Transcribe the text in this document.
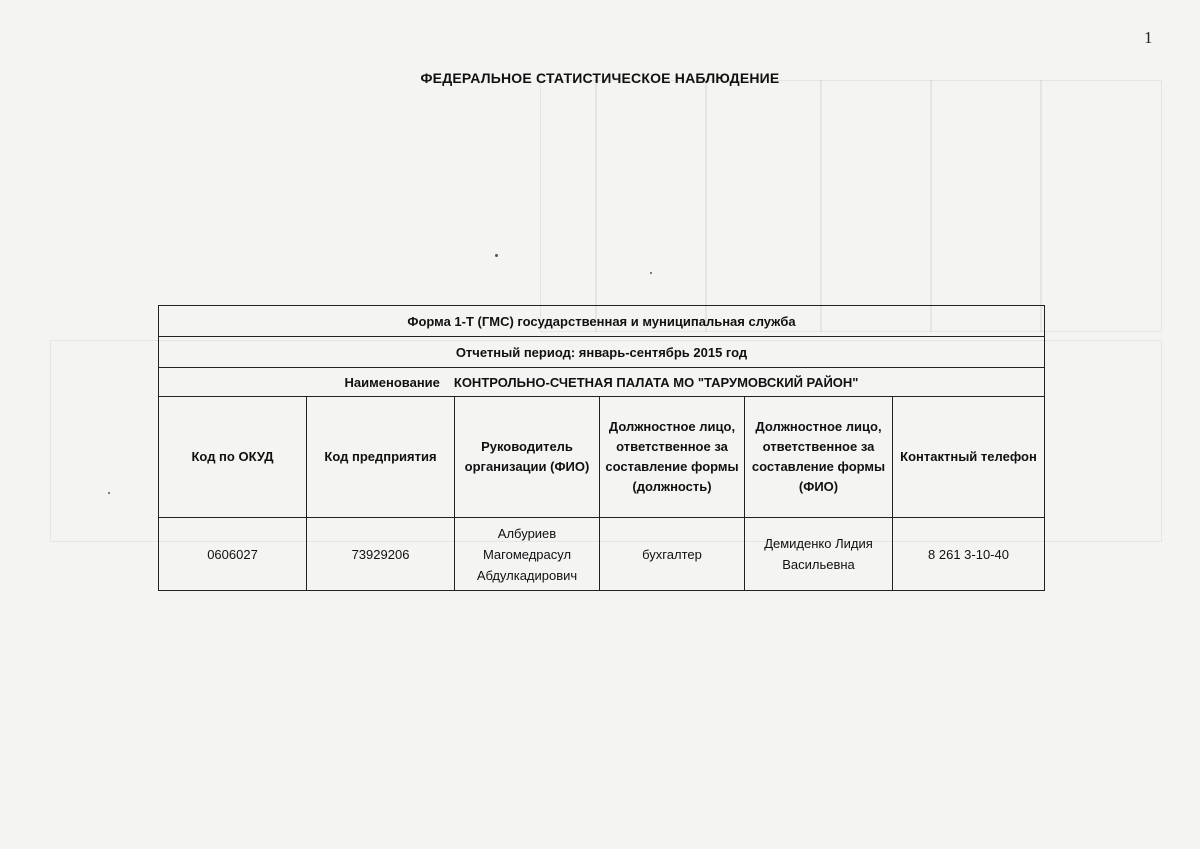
1
ФЕДЕРАЛЬНОЕ СТАТИСТИЧЕСКОЕ НАБЛЮДЕНИЕ
Форма 1-Т (ГМС) государственная и муниципальная служба					
Отчетный период: январь-сентябрь 2015 год					
Наименование КОНТРОЛЬНО-СЧЕТНАЯ ПАЛАТА МО "ТАРУМОВСКИЙ РАЙОН"					
Код по ОКУД	Код предприятия	Руководитель организации (ФИО)	Должностное лицо, ответственное за составление формы (должность)	Должностное лицо, ответственное за составление формы (ФИО)	Контактный телефон
0606027	73929206	Албуриев Магомедрасул Абдулкадирович	бухгалтер	Демиденко Лидия Васильевна	8 261 3-10-40
